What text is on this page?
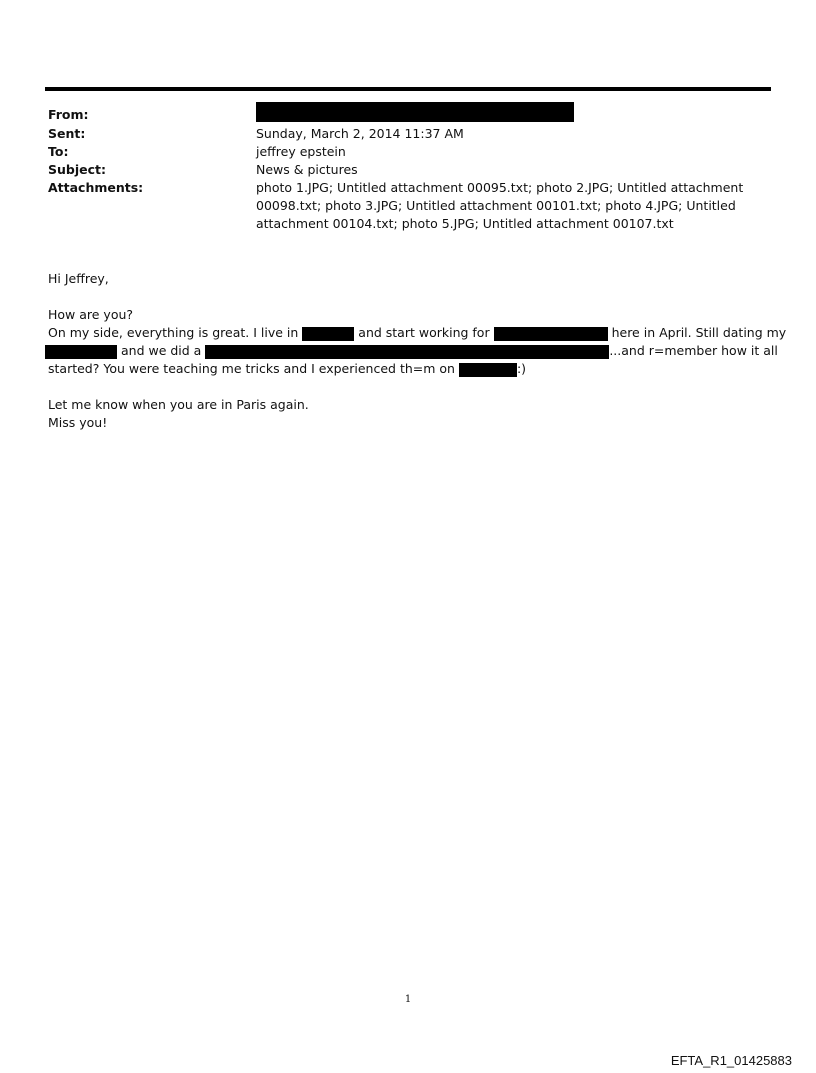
From:
Sent:	Sunday, March 2, 2014 11:37 AM
To:	jeffrey epstein
Subject:	News & pictures
Attachments:	photo 1.JPG; Untitled attachment 00095.txt; photo 2.JPG; Untitled attachment
00098.txt; photo 3.JPG; Untitled attachment 00101.txt; photo 4.JPG; Untitled
attachment 00104.txt; photo 5.JPG; Untitled attachment 00107.txt
Hi Jeffrey,
How are you?
On my side, everything is great. I live in	and start working for	here in April. Still dating my
and we did a	...and r=member how it all
started? You were teaching me tricks and I experienced th=m on	:)
Let me know when you are in Paris again.
Miss you!
1
EFTA_R1_01425883
